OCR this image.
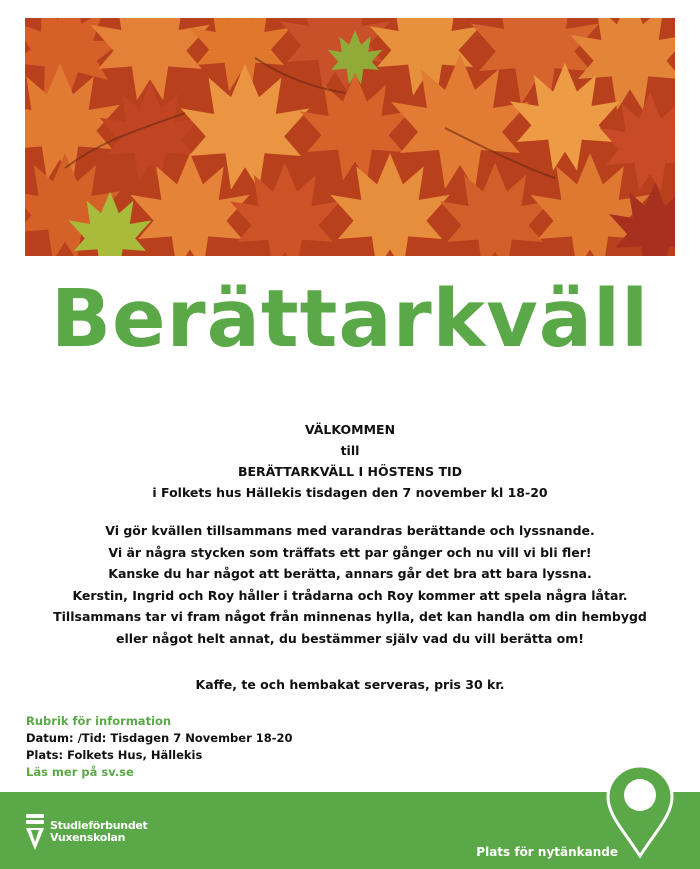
Berättarkväll
VÄLKOMMEN
till
BERÄTTARKVÄLL I HÖSTENS TID
i Folkets hus Hällekis tisdagen den 7 november kl 18-20
Vi gör kvällen tillsammans med varandras berättande och lyssnande.
Vi är några stycken som träffats ett par gånger och nu vill vi bli fler!
Kanske du har något att berätta, annars går det bra att bara lyssna.
Kerstin, Ingrid och Roy håller i trådarna och Roy kommer att spela några låtar.
Tillsammans tar vi fram något från minnenas hylla, det kan handla om din hembygd
eller något helt annat, du bestämmer själv vad du vill berätta om!
Kaffe, te och hembakat serveras, pris 30 kr.
Rubrik för information
Datum: /Tid: Tisdagen 7 November 18-20
Plats: Folkets Hus, Hällekis
Läs mer på sv.se
Studieförbundet
Vuxenskolan
Plats för nytänkande
